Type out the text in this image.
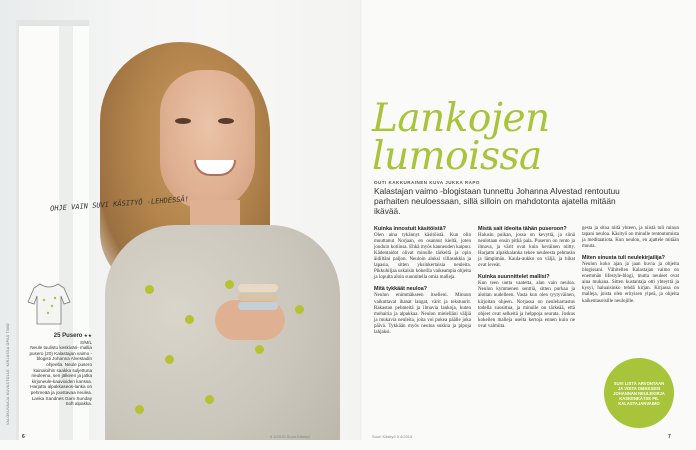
OHJE VAIN SUVI KÄSITYÖ -LEHDESSÄ!
25 Pusero ★★
S/M/L
Neule tuulistu keskiväri- mallia pusero (20) Kalastajan vaimo -blogisti Johanna Alvestadin ohjeella. Neule pusero kainaloihin saakka suljettuna neuleena, sen jälkeen ja jatka kirjoneule-kaavioiden kanssa. Harjattu alpakkaseos-lanka on pehmeää ja joustavaa neulea.
Lanka Sandnes Garn Sunday Soft alpakka.
VALOKUVAAJA KUVASTOLLE. KIRJASSA OPAS TIMO
Lankojen
lumoissa
OUTI KAKKURAINEN KUVA JUKKA RAPO
Kalastajan vaimo -blogistaan tunnettu Johanna Alvestad rentoutuu parhaiten neuloessaan, sillä silloin on mahdotonta ajatella mitään ikävää.
Kuinka innostuit käsitöistä?

Olen aina tykännyt käsitöistä. Kun olin muuttanut Norjaan, en osannut kieltä, joten jouduin kotiinsa. Ehkä myös kauneuden kaipuu. Kädentaidot olivat minulle tärkeitä ja opin äidiltäni paljon. Neuloin aluksi villasukkia ja lapasia, sitten yksinkertaisia neuleita. Pikkuhiljaa uskalsin kokeilla vaikeampia ohjeita ja lopulta aloin suunnitella omia malleja.

Mitä tykkäät neuloa?

Neulon enimmäkseen itselleni. Minuun vaikuttavat ihanat langat, värit ja tekstuurit. Rakastan pehmeitä ja ilmavia lankoja, kuten mohairia ja alpakkaa. Neulon mielelläni väljiä ja mukavia neuleita, joita voi pukea päälle joka päivä. Tykkään myös neuloa sukkia ja pipoja lahjaksi.

Mistä sait ideoita tähän puseroon?

Halusin puikan, jossa on kevyttä, ja siinä neulotaan ensin pitkä pala. Puseron on rento ja ilmava, ja värit ovat kuin keväinen niitty. Harjattu alpakkalanka tekee neuleesta pehmeän ja lämpimän. Kaula-aukko on väljä, ja hihat ovat leveät.

Kuinka suunnittelet mallisi?

Kun teen uutta vaatetta, alan vain neuloa. Neulon kymmenen senttiä, sitten purkaa ja aloitan uudelleen. Vasta kun olen tyytyväinen, kirjoitan ohjeen. Norjassa on neuleharrastus todella suosittua, ja minulle on tärkeää, että ohjeet ovat selkeitä ja helppoja seurata. Joskus kokeilen malleja useita kertoja ennen kuin ne ovat valmiita.

gesta ja sitoa niitä yhteen, ja niistä tuli minun tapani neuloa. Käsityö on minulle rentoutumista ja meditaatiota. Kun neulon, en ajattele mitään muuta.

Miten sinusta tuli neulekirjailija?

Neulon koko ajan ja jaan kuvia ja ohjeita blogissani. Vähitellen Kalastajan vaimo on enemmän lifestyle-blogi, mutta neuleet ovat aina mukana. Sitten kustantaja otti yhteyttä ja kysyi, haluaisinko tehdä kirjan. Kirjassa on malleja, joista olen erityisen ylpeä, ja ohjeita kaikentasoisille neulojille.

SUVI LISTÄ ARVONTAAN JA VOITA OMAKSESI JOHANNAN NEULEKIRJA KASKENKÄTSE PIL KALASTAJANVAIMO
6	5 4/2015 Suuri Käsityö	Suuri Käsityö 5 4/2015	7
